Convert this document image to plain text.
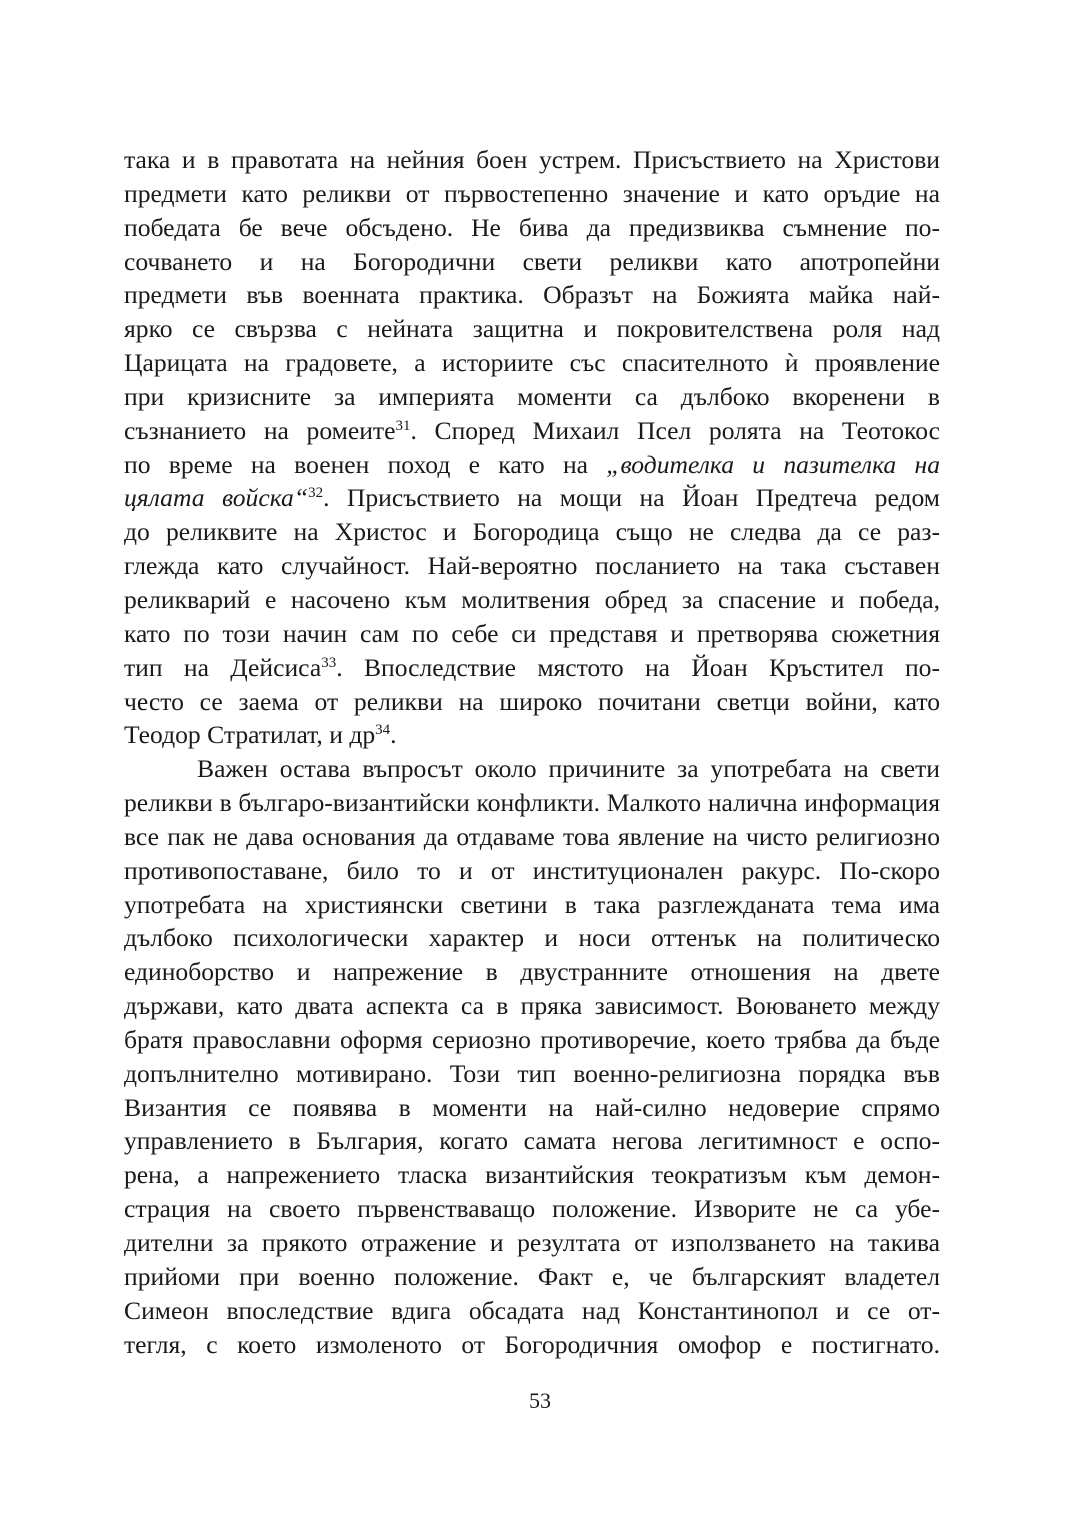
така и в правотата на нейния боен устрем. Присъствието на Христови
предмети като реликви от първостепенно значение и като оръдие на
победата бе вече обсъдено. Не бива да предизвиква съмнение по-
сочването и на Богородични свети реликви като апотропейни
предмети във военната практика. Образът на Божията майка най-
ярко се свързва с нейната защитна и покровителствена роля над
Царицата на градовете, а историите със спасителното ѝ проявление
при кризисните за империята моменти са дълбоко вкоренени в
съзнанието на ромеите$^{31}$. Според Михаил Псел ролята на Теотокос
по време на военен поход е като на „водителка и пазителка на
цялата войска“$^{32}$. Присъствието на мощи на Йоан Предтеча редом
до реликвите на Христос и Богородица също не следва да се раз-
глежда като случайност. Най-вероятно посланието на така съставен
реликварий е насочено към молитвения обред за спасение и победа,
като по този начин сам по себе си представя и претворява сюжетния
тип на Дейсиса$^{33}$. Впоследствие мястото на Йоан Кръстител по-
често се заема от реликви на широко почитани светци войни, като
Теодор Стратилат, и др$^{34}$.
Важен остава въпросът около причините за употребата на свети
реликви в българо-византийски конфликти. Малкото налична информация
все пак не дава основания да отдаваме това явление на чисто религиозно
противопоставане, било то и от институционален ракурс. По-скоро
употребата на християнски светини в така разглежданата тема има
дълбоко психологически характер и носи оттенък на политическо
единоборство и напрежение в двустранните отношения на двете
държави, като двата аспекта са в пряка зависимост. Воюването между
братя православни оформя сериозно противоречие, което трябва да бъде
допълнително мотивирано. Този тип военно-религиозна порядка във
Византия се появява в моменти на най-силно недоверие спрямо
управлението в България, когато самата негова легитимност е оспо-
рена, а напрежението тласка византийския теократизъм към демон-
страция на своето първенстваващо положение. Изворите не са убе-
дителни за прякото отражение и резултата от използването на такива
прийоми при военно положение. Факт е, че българският владетел
Симеон впоследствие вдига обсадата над Константинопол и се от-
тегля, с което измоленото от Богородичния омофор е постигнато.
53
